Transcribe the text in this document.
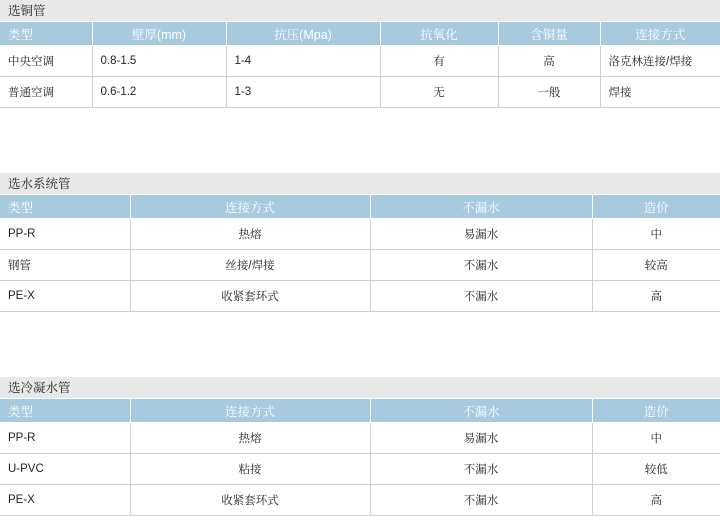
选铜管
类型	壁厚(mm)	抗压(Mpa)	抗氧化	含铜量	连接方式
中央空调	0.8-1.5	1-4	有	高	洛克林连接/焊接
普通空调	0.6-1.2	1-3	无	一般	焊接
选水系统管
类型	连接方式	不漏水	造价
PP-R	热熔	易漏水	中
钢管	丝接/焊接	不漏水	较高
PE-X	收紧套环式	不漏水	高
选冷凝水管
类型	连接方式	不漏水	造价
PP-R	热熔	易漏水	中
U-PVC	粘接	不漏水	较低
PE-X	收紧套环式	不漏水	高
